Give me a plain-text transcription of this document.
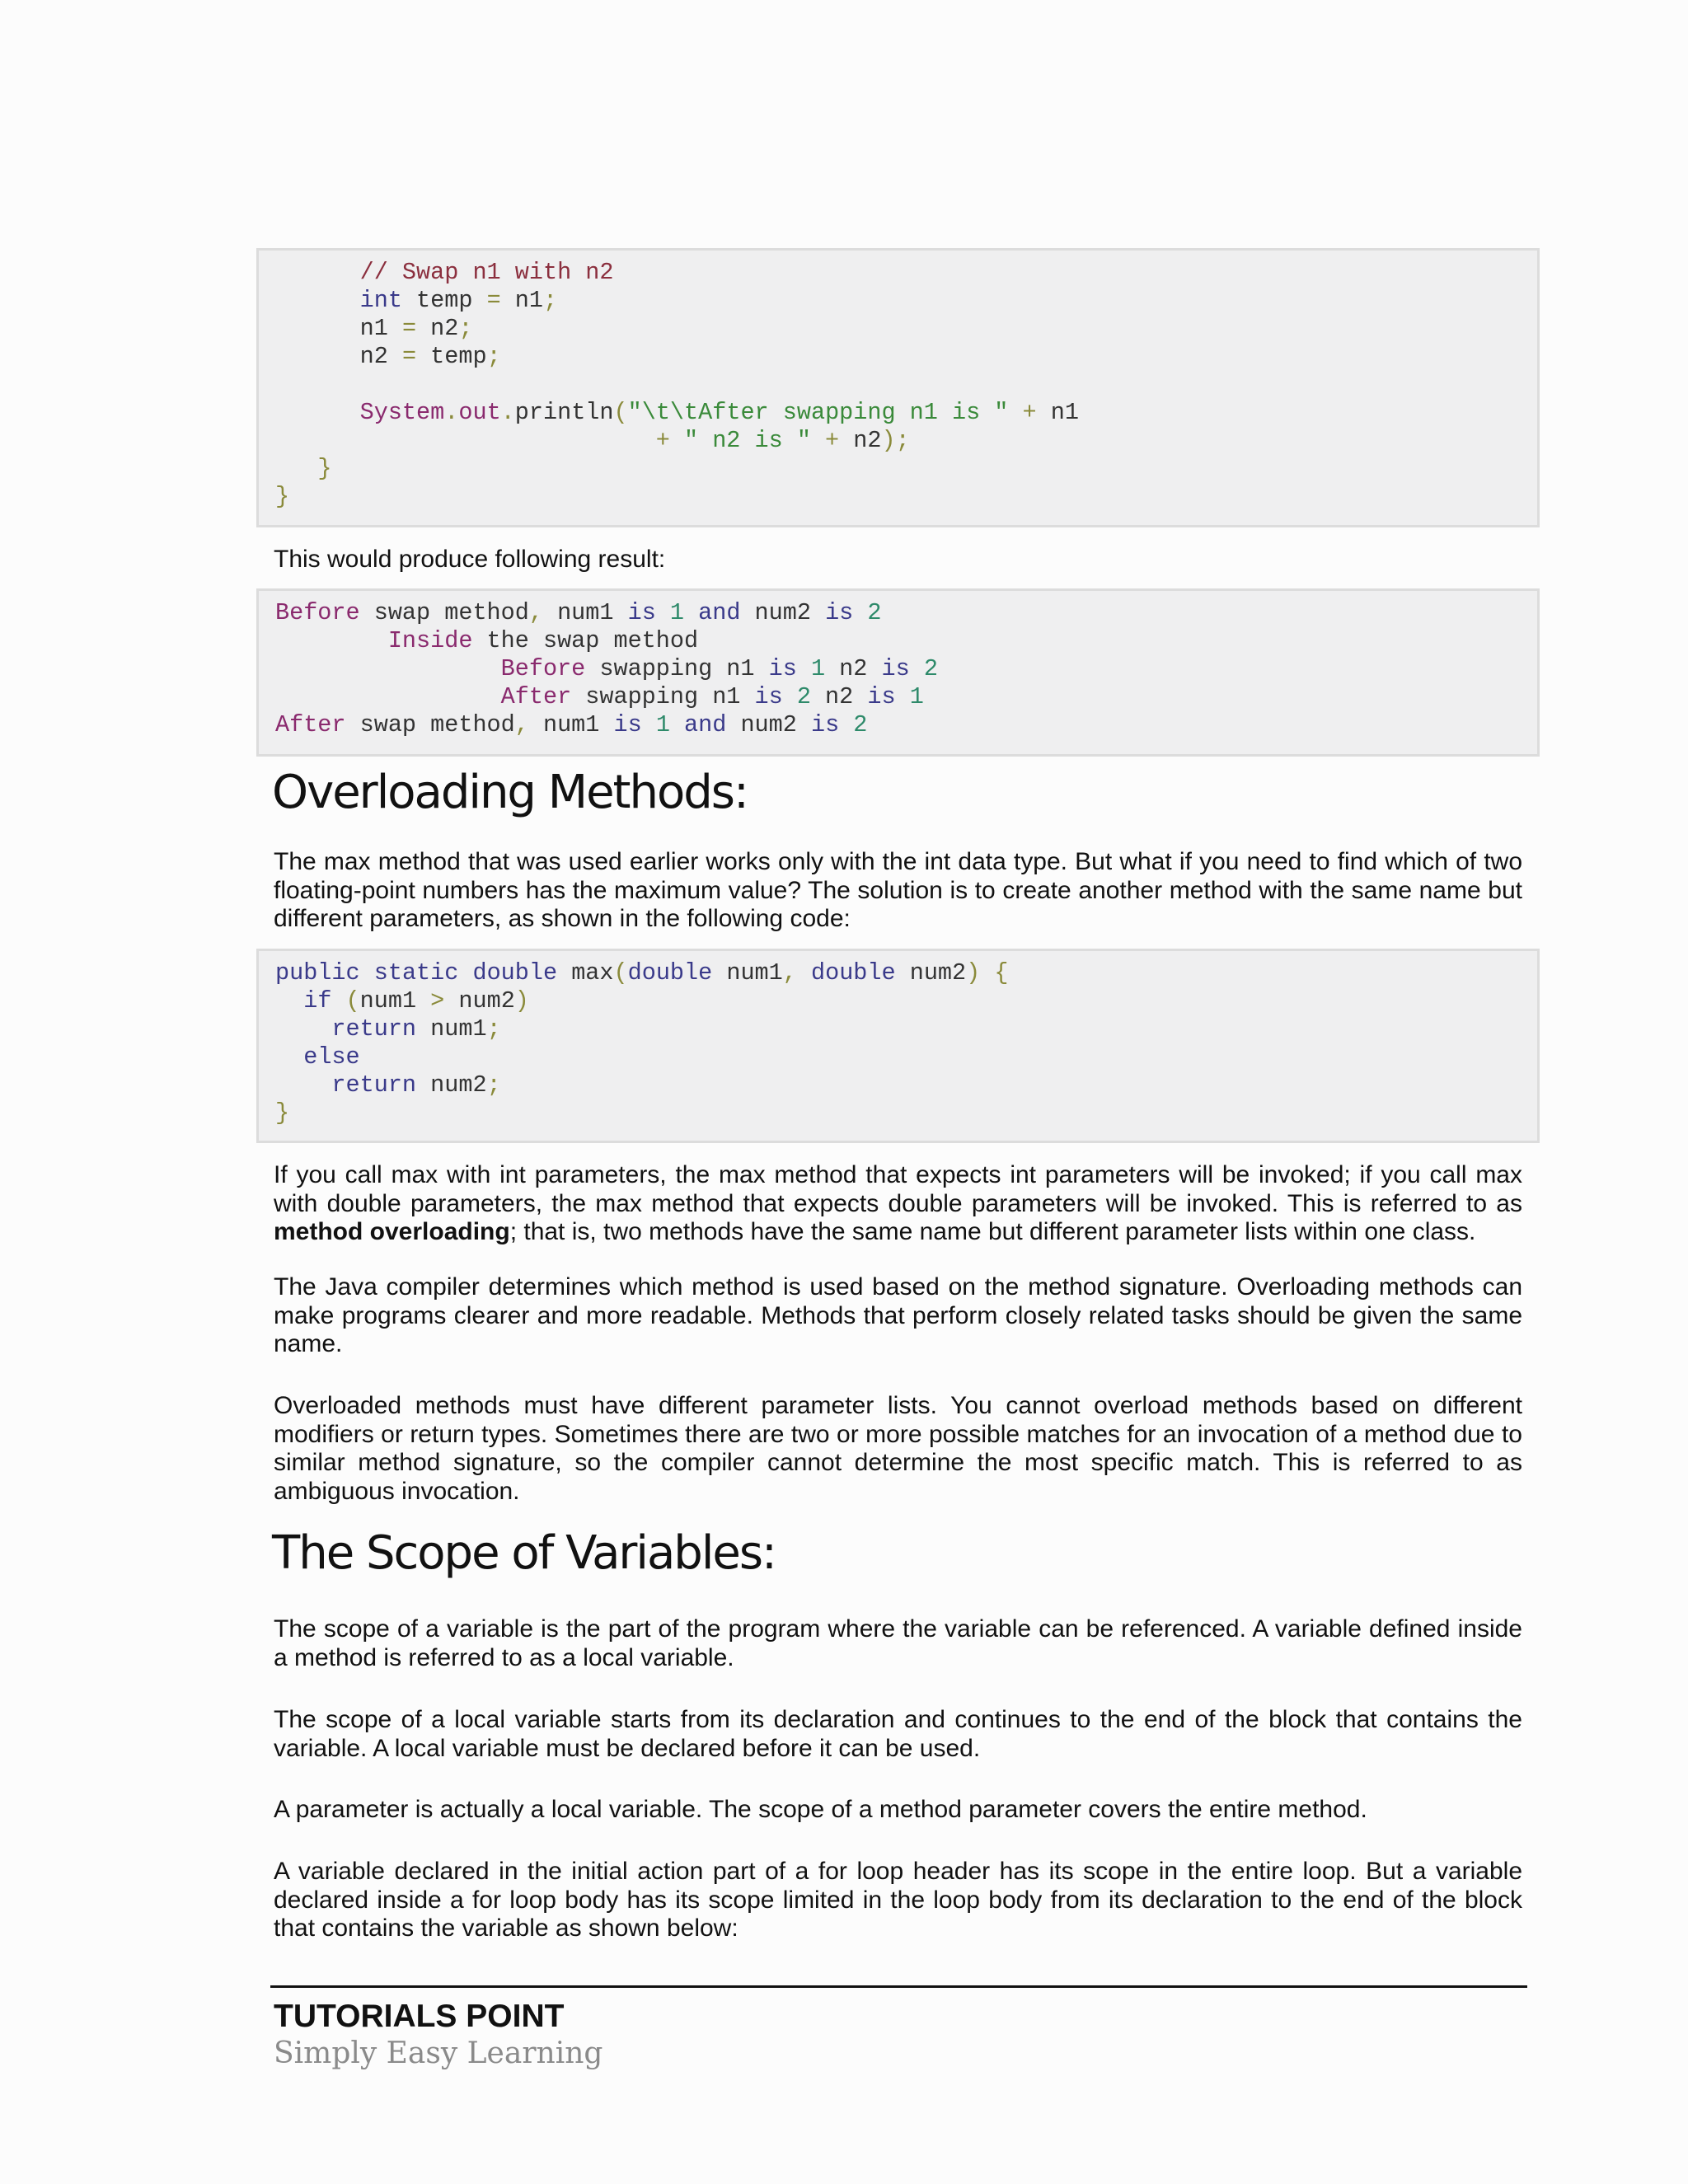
// Swap n1 with n2
int temp = n1;
n1 = n2;
n2 = temp;

System.out.println("\t\tAfter swapping n1 is " + n1
+ " n2 is " + n2);
}
}

This would produce following result:

Before swap method, num1 is 1 and num2 is 2
Inside the swap method
Before swapping n1 is 1 n2 is 2
After swapping n1 is 2 n2 is 1
After swap method, num1 is 1 and num2 is 2
Overloading Methods:

The max method that was used earlier works only with the int data type. But what if you need to find which of two floating-point numbers has the maximum value? The solution is to create another method with the same name but different parameters, as shown in the following code:

public static double max(double num1, double num2) {
if (num1 > num2)
return num1;
else
return num2;
}

If you call max with int parameters, the max method that expects int parameters will be invoked; if you call max with double parameters, the max method that expects double parameters will be invoked. This is referred to as method overloading; that is, two methods have the same name but different parameter lists within one class.

The Java compiler determines which method is used based on the method signature. Overloading methods can make programs clearer and more readable. Methods that perform closely related tasks should be given the same name.

Overloaded methods must have different parameter lists. You cannot overload methods based on different modifiers or return types. Sometimes there are two or more possible matches for an invocation of a method due to similar method signature, so the compiler cannot determine the most specific match. This is referred to as ambiguous invocation.

The Scope of Variables:

The scope of a variable is the part of the program where the variable can be referenced. A variable defined inside a method is referred to as a local variable.

The scope of a local variable starts from its declaration and continues to the end of the block that contains the variable. A local variable must be declared before it can be used.

A parameter is actually a local variable. The scope of a method parameter covers the entire method.

A variable declared in the initial action part of a for loop header has its scope in the entire loop. But a variable declared inside a for loop body has its scope limited in the loop body from its declaration to the end of the block that contains the variable as shown below:

TUTORIALS POINT
Simply Easy Learning
